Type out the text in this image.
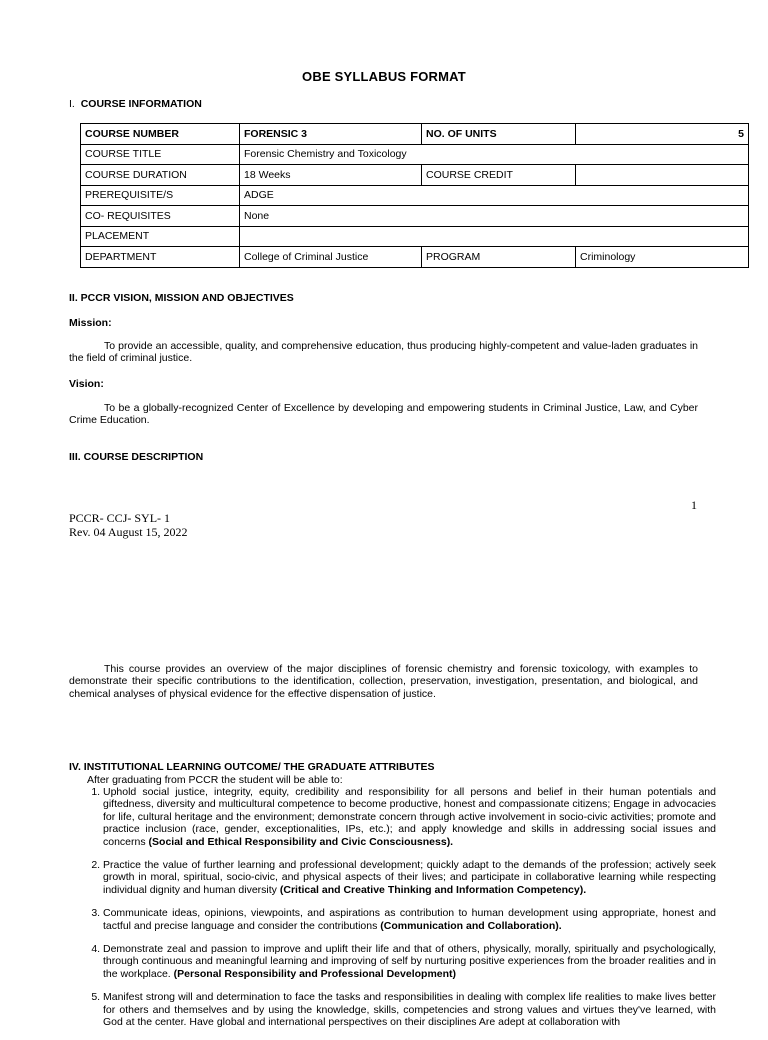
OBE SYLLABUS FORMAT
I. COURSE INFORMATION
COURSE NUMBER	FORENSIC 3	NO. OF UNITS	5
COURSE TITLE	Forensic Chemistry and Toxicology		
COURSE DURATION	18 Weeks	COURSE CREDIT	
PREREQUISITE/S	ADGE		
CO- REQUISITES	None		
PLACEMENT			
DEPARTMENT	College of Criminal Justice	PROGRAM	Criminology
II. PCCR VISION, MISSION AND OBJECTIVES
Mission:
To provide an accessible, quality, and comprehensive education, thus producing highly-competent and value-laden graduates in the field of criminal justice.
Vision:
To be a globally-recognized Center of Excellence by developing and empowering students in Criminal Justice, Law, and Cyber Crime Education.
III. COURSE DESCRIPTION
1
PCCR- CCJ- SYL- 1
Rev. 04 August 15, 2022
This course provides an overview of the major disciplines of forensic chemistry and forensic toxicology, with examples to demonstrate their specific contributions to the identification, collection, preservation, investigation, presentation, and biological, and chemical analyses of physical evidence for the effective dispensation of justice.
IV. INSTITUTIONAL LEARNING OUTCOME/ THE GRADUATE ATTRIBUTES
After graduating from PCCR the student will be able to:
1. Uphold social justice, integrity, equity, credibility and responsibility for all persons and belief in their human potentials and giftedness, diversity and multicultural competence to become productive, honest and compassionate citizens; Engage in advocacies for life, cultural heritage and the environment; demonstrate concern through active involvement in socio-civic activities; promote and practice inclusion (race, gender, exceptionalities, IPs, etc.); and apply knowledge and skills in addressing social issues and concerns (Social and Ethical Responsibility and Civic Consciousness).
2. Practice the value of further learning and professional development; quickly adapt to the demands of the profession; actively seek growth in moral, spiritual, socio-civic, and physical aspects of their lives; and participate in collaborative learning while respecting individual dignity and human diversity (Critical and Creative Thinking and Information Competency).
3. Communicate ideas, opinions, viewpoints, and aspirations as contribution to human development using appropriate, honest and tactful and precise language and consider the contributions (Communication and Collaboration).
4. Demonstrate zeal and passion to improve and uplift their life and that of others, physically, morally, spiritually and psychologically, through continuous and meaningful learning and improving of self by nurturing positive experiences from the broader realities and in the workplace. (Personal Responsibility and Professional Development)
5. Manifest strong will and determination to face the tasks and responsibilities in dealing with complex life realities to make lives better for others and themselves and by using the knowledge, skills, competencies and strong values and virtues they've learned, with God at the center. Have global and international perspectives on their disciplines Are adept at collaboration with
